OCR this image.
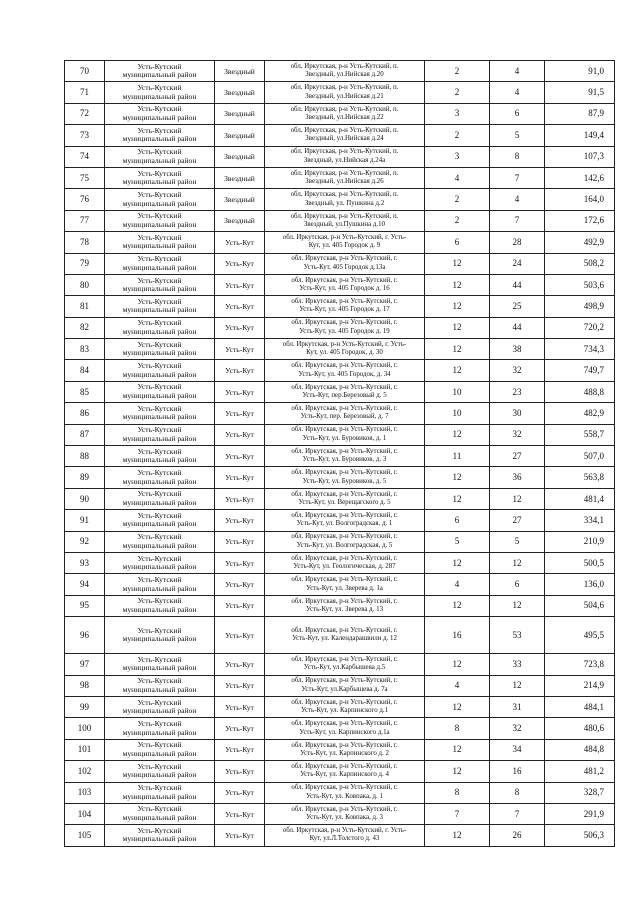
70	Усть-Кутский
муниципальный район	Звездный	обл. Иркутская, р-н Усть-Кутский, п.
Звездный, ул.Нийская д.20	2	4	91,0
71	Усть-Кутский
муниципальный район	Звездный	обл. Иркутская, р-н Усть-Кутский, п.
Звездный, ул.Нийская д.21	2	4	91,5
72	Усть-Кутский
муниципальный район	Звездный	обл. Иркутская, р-н Усть-Кутский, п.
Звездный, ул.Нийская д.22	3	6	87,9
73	Усть-Кутский
муниципальный район	Звездный	обл. Иркутская, р-н Усть-Кутский, п.
Звездный, ул.Нийская д.24	2	5	149,4
74	Усть-Кутский
муниципальный район	Звездный	обл. Иркутская, р-н Усть-Кутский, п.
Звездный, ул.Нийская д.24а	3	8	107,3
75	Усть-Кутский
муниципальный район	Звездный	обл. Иркутская, р-н Усть-Кутский, п.
Звездный, ул.Нийская д.26	4	7	142,6
76	Усть-Кутский
муниципальный район	Звездный	обл. Иркутская, р-н Усть-Кутский, п.
Звездный, ул. Пушкина д.2	2	4	164,0
77	Усть-Кутский
муниципальный район	Звездный	обл. Иркутская, р-н Усть-Кутский, п.
Звездный, ул.Пушкина д.10	2	7	172,6
78	Усть-Кутский
муниципальный район	Усть-Кут	обл. Иркутская, р-н Усть-Кутский, г. Усть-
Кут, ул. 405 Городок д. 9	6	28	492,9
79	Усть-Кутский
муниципальный район	Усть-Кут	обл. Иркутская, р-н Усть-Кутский, г.
Усть-Кут, 405 Городок д.13а	12	24	508,2
80	Усть-Кутский
муниципальный район	Усть-Кут	обл. Иркутская, р-н Усть-Кутский, г.
Усть-Кут, ул. 405 Городок д. 16	12	44	503,6
81	Усть-Кутский
муниципальный район	Усть-Кут	обл. Иркутская, р-н Усть-Кутский, г.
Усть-Кут, ул. 405 Городок д. 17	12	25	498,9
82	Усть-Кутский
муниципальный район	Усть-Кут	обл. Иркутская, р-н Усть-Кутский, г.
Усть-Кут, ул. 405 Городок д. 19	12	44	720,2
83	Усть-Кутский
муниципальный район	Усть-Кут	обл. Иркутская, р-н Усть-Кутский, г. Усть-
Кут, ул. 405 Городок, д. 30	12	38	734,3
84	Усть-Кутский
муниципальный район	Усть-Кут	обл. Иркутская, р-н Усть-Кутский, г.
Усть-Кут, ул. 405 Городок, д. 34	12	32	749,7
85	Усть-Кутский
муниципальный район	Усть-Кут	обл. Иркутская, р-н Усть-Кутский, г.
Усть-Кут, пер.Березовый д. 5	10	23	488,8
86	Усть-Кутский
муниципальный район	Усть-Кут	обл. Иркутская, р-н Усть-Кутский, г.
Усть-Кут, пер. Березовый, д. 7	10	30	482,9
87	Усть-Кутский
муниципальный район	Усть-Кут	обл. Иркутская, р-н Усть-Кутский, г.
Усть-Кут, ул. Буровиков, д. 1	12	32	558,7
88	Усть-Кутский
муниципальный район	Усть-Кут	обл. Иркутская, р-н Усть-Кутский, г.
Усть-Кут, ул. Буровиков, д. 3	11	27	507,0
89	Усть-Кутский
муниципальный район	Усть-Кут	обл. Иркутская, р-н Усть-Кутский, г.
Усть-Кут, ул. Буровиков, д. 5	12	36	563,8
90	Усть-Кутский
муниципальный район	Усть-Кут	обл. Иркутская, р-н Усть-Кутский, г.
Усть-Кут, ул. Верещагского д. 5	12	12	481,4
91	Усть-Кутский
муниципальный район	Усть-Кут	обл. Иркутская, р-н Усть-Кутский, г.
Усть-Кут, ул. Волгоградская, д. 1	6	27	334,1
92	Усть-Кутский
муниципальный район	Усть-Кут	обл. Иркутская, р-н Усть-Кутский, г.
Усть-Кут, ул. Волгоградская, д. 5	5	5	210,9
93	Усть-Кутский
муниципальный район	Усть-Кут	обл. Иркутская, р-н Усть-Кутский, г.
Усть-Кут, ул. Геологическая, д. 287	12	12	500,5
94	Усть-Кутский
муниципальный район	Усть-Кут	обл. Иркутская, р-н Усть-Кутский, г.
Усть-Кут, ул. Зверева д. 1а	4	6	136,0
95	Усть-Кутский
муниципальный район	Усть-Кут	обл. Иркутская, р-н Усть-Кутский, г.
Усть-Кут, ул. Зверева д. 13	12	12	504,6
96	Усть-Кутский
муниципальный район	Усть-Кут	обл. Иркутская, р-н Усть-Кутский, г.
Усть-Кут, ул. Календарашвили д. 12	16	53	495,5
97	Усть-Кутский
муниципальный район	Усть-Кут	обл. Иркутская, р-н Усть-Кутский, г.
Усть-Кут, ул.Карбышева д.5	12	33	723,8
98	Усть-Кутский
муниципальный район	Усть-Кут	обл. Иркутская, р-н Усть-Кутский, г.
Усть-Кут, ул.Карбышева д. 7а	4	12	214,9
99	Усть-Кутский
муниципальный район	Усть-Кут	обл. Иркутская, р-н Усть-Кутский, г.
Усть-Кут, ул. Карпинского д.1	12	31	484,1
100	Усть-Кутский
муниципальный район	Усть-Кут	обл. Иркутская, р-н Усть-Кутский, г.
Усть-Кут, ул. Карпинского д.1а	8	32	480,6
101	Усть-Кутский
муниципальный район	Усть-Кут	обл. Иркутская, р-н Усть-Кутский, г.
Усть-Кут, ул. Карпинского д. 2	12	34	484,8
102	Усть-Кутский
муниципальный район	Усть-Кут	обл. Иркутская, р-н Усть-Кутский, г.
Усть-Кут, ул. Карпинского д. 4	12	16	481,2
103	Усть-Кутский
муниципальный район	Усть-Кут	обл. Иркутская, р-н Усть-Кутский, г.
Усть-Кут, ул. Ковпака, д. 1	8	8	328,7
104	Усть-Кутский
муниципальный район	Усть-Кут	обл. Иркутская, р-н Усть-Кутский, г.
Усть-Кут, ул. Ковпака, д. 3	7	7	291,9
105	Усть-Кутский
муниципальный район	Усть-Кут	обл. Иркутская, р-н Усть-Кутский, г. Усть-
Кут, ул.Л.Толстого д. 43	12	26	506,3
